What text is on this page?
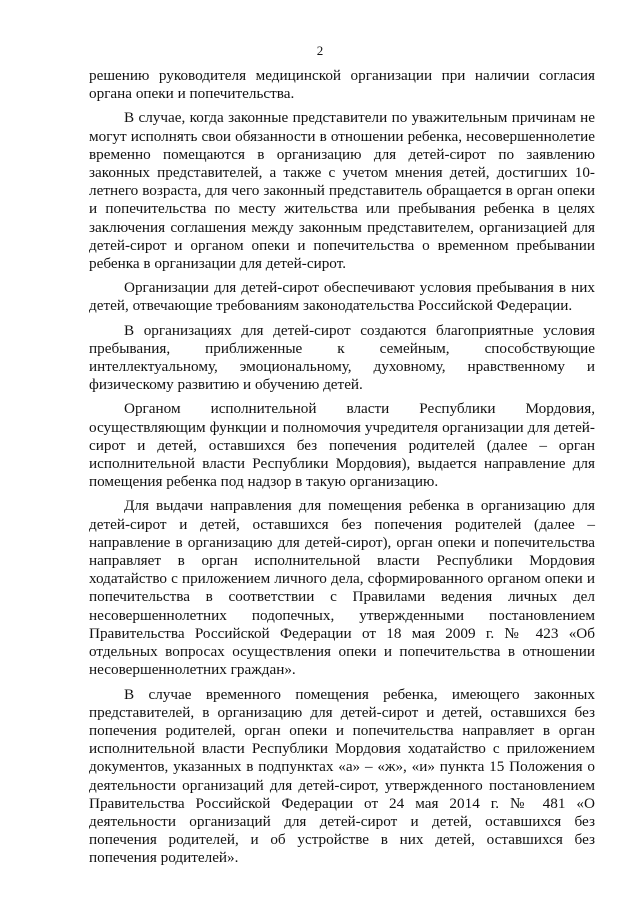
2

решению руководителя медицинской организации при наличии согласия органа опеки и попечительства.

В случае, когда законные представители по уважительным причинам не могут исполнять свои обязанности в отношении ребенка, несовершеннолетие временно помещаются в организацию для детей-сирот по заявлению законных представителей, а также с учетом мнения детей, достигших 10-летнего возраста, для чего законный представитель обращается в орган опеки и попечительства по месту жительства или пребывания ребенка в целях заключения соглашения между законным представителем, организацией для детей-сирот и органом опеки и попечительства о временном пребывании ребенка в организации для детей-сирот.

Организации для детей-сирот обеспечивают условия пребывания в них детей, отвечающие требованиям законодательства Российской Федерации.

В организациях для детей-сирот создаются благоприятные условия пребывания, приближенные к семейным, способствующие интеллектуальному, эмоциональному, духовному, нравственному и физическому развитию и обучению детей.

Органом исполнительной власти Республики Мордовия, осуществляющим функции и полномочия учредителя организации для детей-сирот и детей, оставшихся без попечения родителей (далее – орган исполнительной власти Республики Мордовия), выдается направление для помещения ребенка под надзор в такую организацию.

Для выдачи направления для помещения ребенка в организацию для детей-сирот и детей, оставшихся без попечения родителей (далее – направление в организацию для детей-сирот), орган опеки и попечительства направляет в орган исполнительной власти Республики Мордовия ходатайство с приложением личного дела, сформированного органом опеки и попечительства в соответствии с Правилами ведения личных дел несовершеннолетних подопечных, утвержденными постановлением Правительства Российской Федерации от 18 мая 2009 г. № 423 «Об отдельных вопросах осуществления опеки и попечительства в отношении несовершеннолетних граждан».

В случае временного помещения ребенка, имеющего законных представителей, в организацию для детей-сирот и детей, оставшихся без попечения родителей, орган опеки и попечительства направляет в орган исполнительной власти Республики Мордовия ходатайство с приложением документов, указанных в подпунктах «а» – «ж», «и» пункта 15 Положения о деятельности организаций для детей-сирот, утвержденного постановлением Правительства Российской Федерации от 24 мая 2014 г. № 481 «О деятельности организаций для детей-сирот и детей, оставшихся без попечения родителей, и об устройстве в них детей, оставшихся без попечения родителей».
